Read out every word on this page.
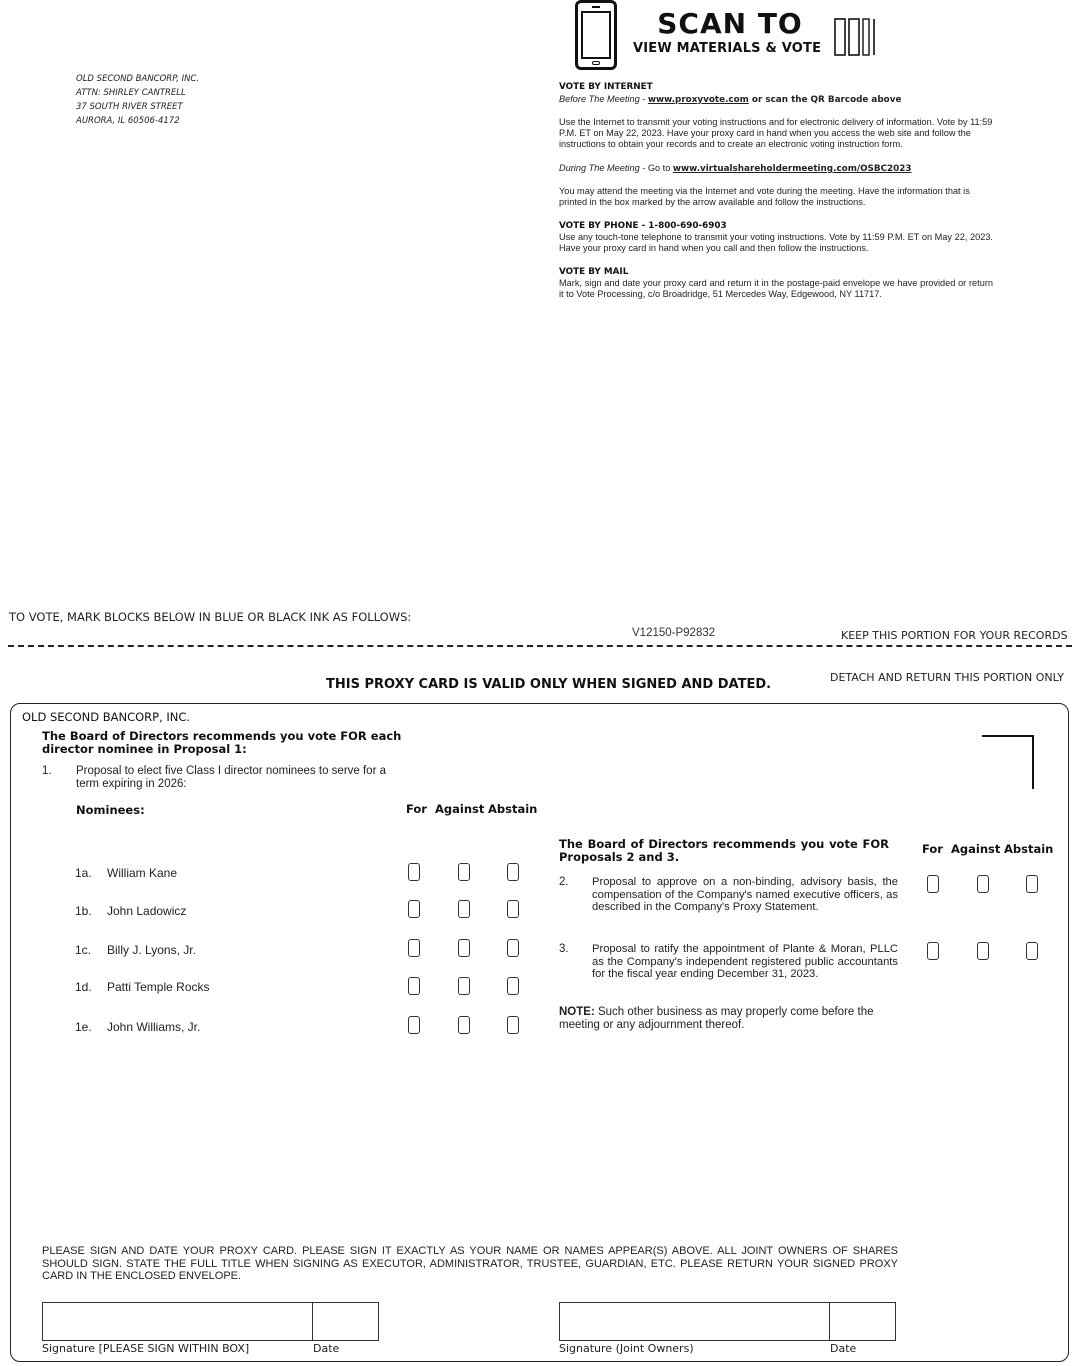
OLD SECOND BANCORP, INC.
ATTN: SHIRLEY CANTRELL
37 SOUTH RIVER STREET
AURORA, IL 60506-4172
SCAN TO
VIEW MATERIALS & VOTE
VOTE BY INTERNET
Before The Meeting - www.proxyvote.com or scan the QR Barcode above
Use the Internet to transmit your voting instructions and for electronic delivery of information. Vote by 11:59 P.M. ET on May 22, 2023. Have your proxy card in hand when you access the web site and follow the instructions to obtain your records and to create an electronic voting instruction form.
During The Meeting - Go to www.virtualshareholdermeeting.com/OSBC2023
You may attend the meeting via the Internet and vote during the meeting. Have the information that is printed in the box marked by the arrow available and follow the instructions.
VOTE BY PHONE - 1-800-690-6903
Use any touch-tone telephone to transmit your voting instructions. Vote by 11:59 P.M. ET on May 22, 2023. Have your proxy card in hand when you call and then follow the instructions.
VOTE BY MAIL
Mark, sign and date your proxy card and return it in the postage-paid envelope we have provided or return it to Vote Processing, c/o Broadridge, 51 Mercedes Way, Edgewood, NY 11717.
TO VOTE, MARK BLOCKS BELOW IN BLUE OR BLACK INK AS FOLLOWS:
V12150-P92832	KEEP THIS PORTION FOR YOUR RECORDS
DETACH AND RETURN THIS PORTION ONLY
THIS PROXY CARD IS VALID ONLY WHEN SIGNED AND DATED.
OLD SECOND BANCORP, INC.
The Board of Directors recommends you vote FOR each director nominee in Proposal 1:
1. Proposal to elect five Class I director nominees to serve for a term expiring in 2026:
Nominees:	For Against Abstain
1a. William Kane
1b. John Ladowicz
1c. Billy J. Lyons, Jr.
1d. Patti Temple Rocks
1e. John Williams, Jr.
The Board of Directors recommends you vote FOR Proposals 2 and 3.
For Against Abstain
2. Proposal to approve on a non-binding, advisory basis, the compensation of the Company's named executive officers, as described in the Company's Proxy Statement.
3. Proposal to ratify the appointment of Plante & Moran, PLLC as the Company's independent registered public accountants for the fiscal year ending December 31, 2023.
NOTE: Such other business as may properly come before the meeting or any adjournment thereof.
PLEASE SIGN AND DATE YOUR PROXY CARD. PLEASE SIGN IT EXACTLY AS YOUR NAME OR NAMES APPEAR(S) ABOVE. ALL JOINT OWNERS OF SHARES SHOULD SIGN. STATE THE FULL TITLE WHEN SIGNING AS EXECUTOR, ADMINISTRATOR, TRUSTEE, GUARDIAN, ETC. PLEASE RETURN YOUR SIGNED PROXY CARD IN THE ENCLOSED ENVELOPE.
Signature [PLEASE SIGN WITHIN BOX]	Date	Signature (Joint Owners)	Date
